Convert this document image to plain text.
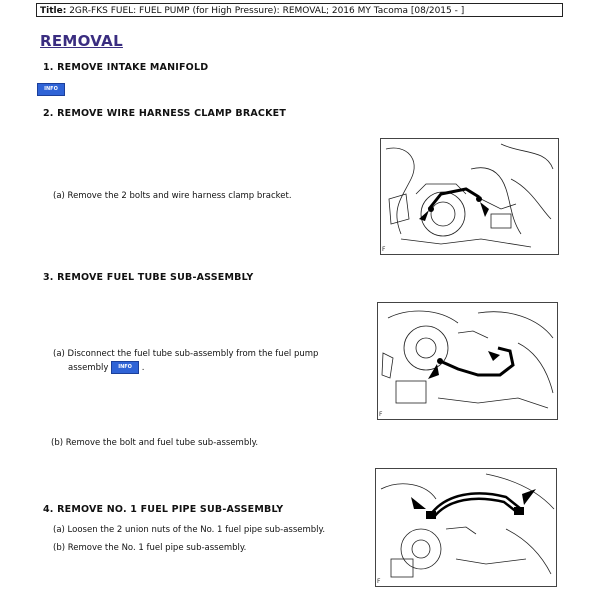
Title: 2GR-FKS FUEL: FUEL PUMP (for High Pressure): REMOVAL; 2016 MY Tacoma [08/2015 - ]
REMOVAL
1. REMOVE INTAKE MANIFOLD
INFO
2. REMOVE WIRE HARNESS CLAMP BRACKET
(a) Remove the 2 bolts and wire harness clamp bracket.
F
3. REMOVE FUEL TUBE SUB-ASSEMBLY
(a) Disconnect the fuel tube sub-assembly from the fuel pump
assembly INFO .
(b) Remove the bolt and fuel tube sub-assembly.
F
4. REMOVE NO. 1 FUEL PIPE SUB-ASSEMBLY
(a) Loosen the 2 union nuts of the No. 1 fuel pipe sub-assembly.
(b) Remove the No. 1 fuel pipe sub-assembly.
F
